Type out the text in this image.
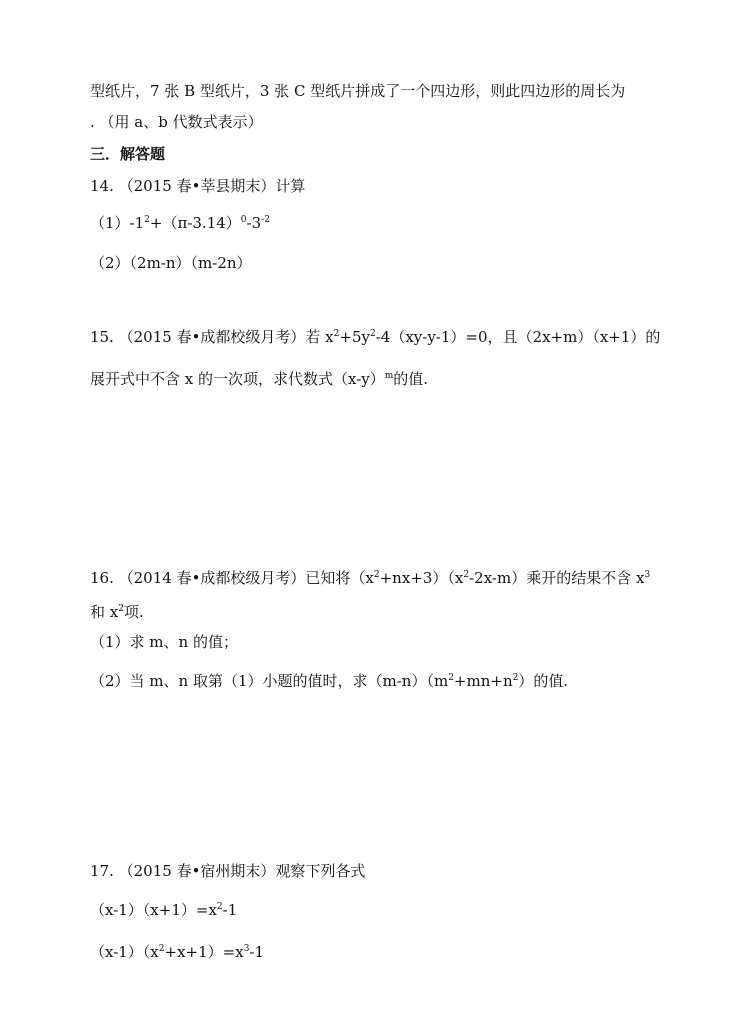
型纸片，7 张 B 型纸片，3 张 C 型纸片拼成了一个四边形，则此四边形的周长为
. （用 a、b 代数式表示）
三．解答题
14. （2015 春•莘县期末）计算
$(1)-1^2+(\pi-3.14)^0-3^{-2}$
（2）（2m-n）（m-2n）
15. （2015 春•成都校级月考）若 $x^2+5y^2-4(xy-y-1)=0$，且（2x+m）（x+1）的
展开式中不含 x 的一次项，求代数式$(x-y)^m$的值.
16. （2014 春•成都校级月考）已知将$(x^2+nx+3)(x^2-2x-m)$乘开的结果不含 $x^3$
和 $x^2$项.
（1）求 m、n 的值；
（2）当 m、n 取第（1）小题的值时，求$(m-n)(m^2+mn+n^2)$的值.
17. （2015 春•宿州期末）观察下列各式
$(x-1)(x+1)=x^2-1$
$(x-1)(x^2+x+1)=x^3-1$
